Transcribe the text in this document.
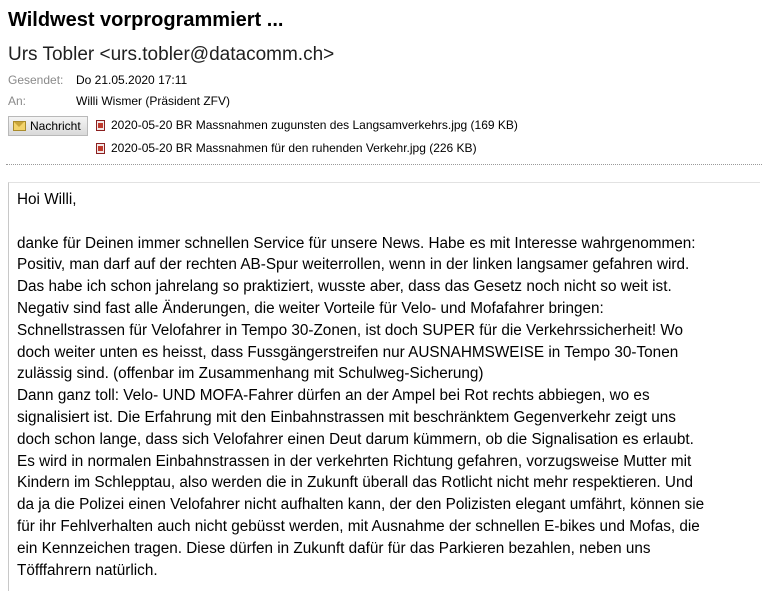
Wildwest vorprogrammiert ...
Urs Tobler <urs.tobler@datacomm.ch>
Gesendet:	Do 21.05.2020 17:11
An:	Willi Wismer (Präsident ZFV)
Nachricht	2020-05-20 BR Massnahmen zugunsten des Langsamverkehrs.jpg (169 KB)
2020-05-20 BR Massnahmen für den ruhenden Verkehr.jpg (226 KB)
Hoi Willi,
danke für Deinen immer schnellen Service für unsere News. Habe es mit Interesse wahrgenommen:
Positiv, man darf auf der rechten AB-Spur weiterrollen, wenn in der linken langsamer gefahren wird.
Das habe ich schon jahrelang so praktiziert, wusste aber, dass das Gesetz noch nicht so weit ist.
Negativ sind fast alle Änderungen, die weiter Vorteile für Velo- und Mofafahrer bringen:
Schnellstrassen für Velofahrer in Tempo 30-Zonen, ist doch SUPER für die Verkehrssicherheit! Wo
doch weiter unten es heisst, dass Fussgängerstreifen nur AUSNAHMSWEISE in Tempo 30-Tonen
zulässig sind. (offenbar im Zusammenhang mit Schulweg-Sicherung)
Dann ganz toll: Velo- UND MOFA-Fahrer dürfen an der Ampel bei Rot rechts abbiegen, wo es
signalisiert ist. Die Erfahrung mit den Einbahnstrassen mit beschränktem Gegenverkehr zeigt uns
doch schon lange, dass sich Velofahrer einen Deut darum kümmern, ob die Signalisation es erlaubt.
Es wird in normalen Einbahnstrassen in der verkehrten Richtung gefahren, vorzugsweise Mutter mit
Kindern im Schlepptau, also werden die in Zukunft überall das Rotlicht nicht mehr respektieren. Und
da ja die Polizei einen Velofahrer nicht aufhalten kann, der den Polizisten elegant umfährt, können sie
für ihr Fehlverhalten auch nicht gebüsst werden, mit Ausnahme der schnellen E-bikes und Mofas, die
ein Kennzeichen tragen. Diese dürfen in Zukunft dafür für das Parkieren bezahlen, neben uns
Töfffahrern natürlich.
